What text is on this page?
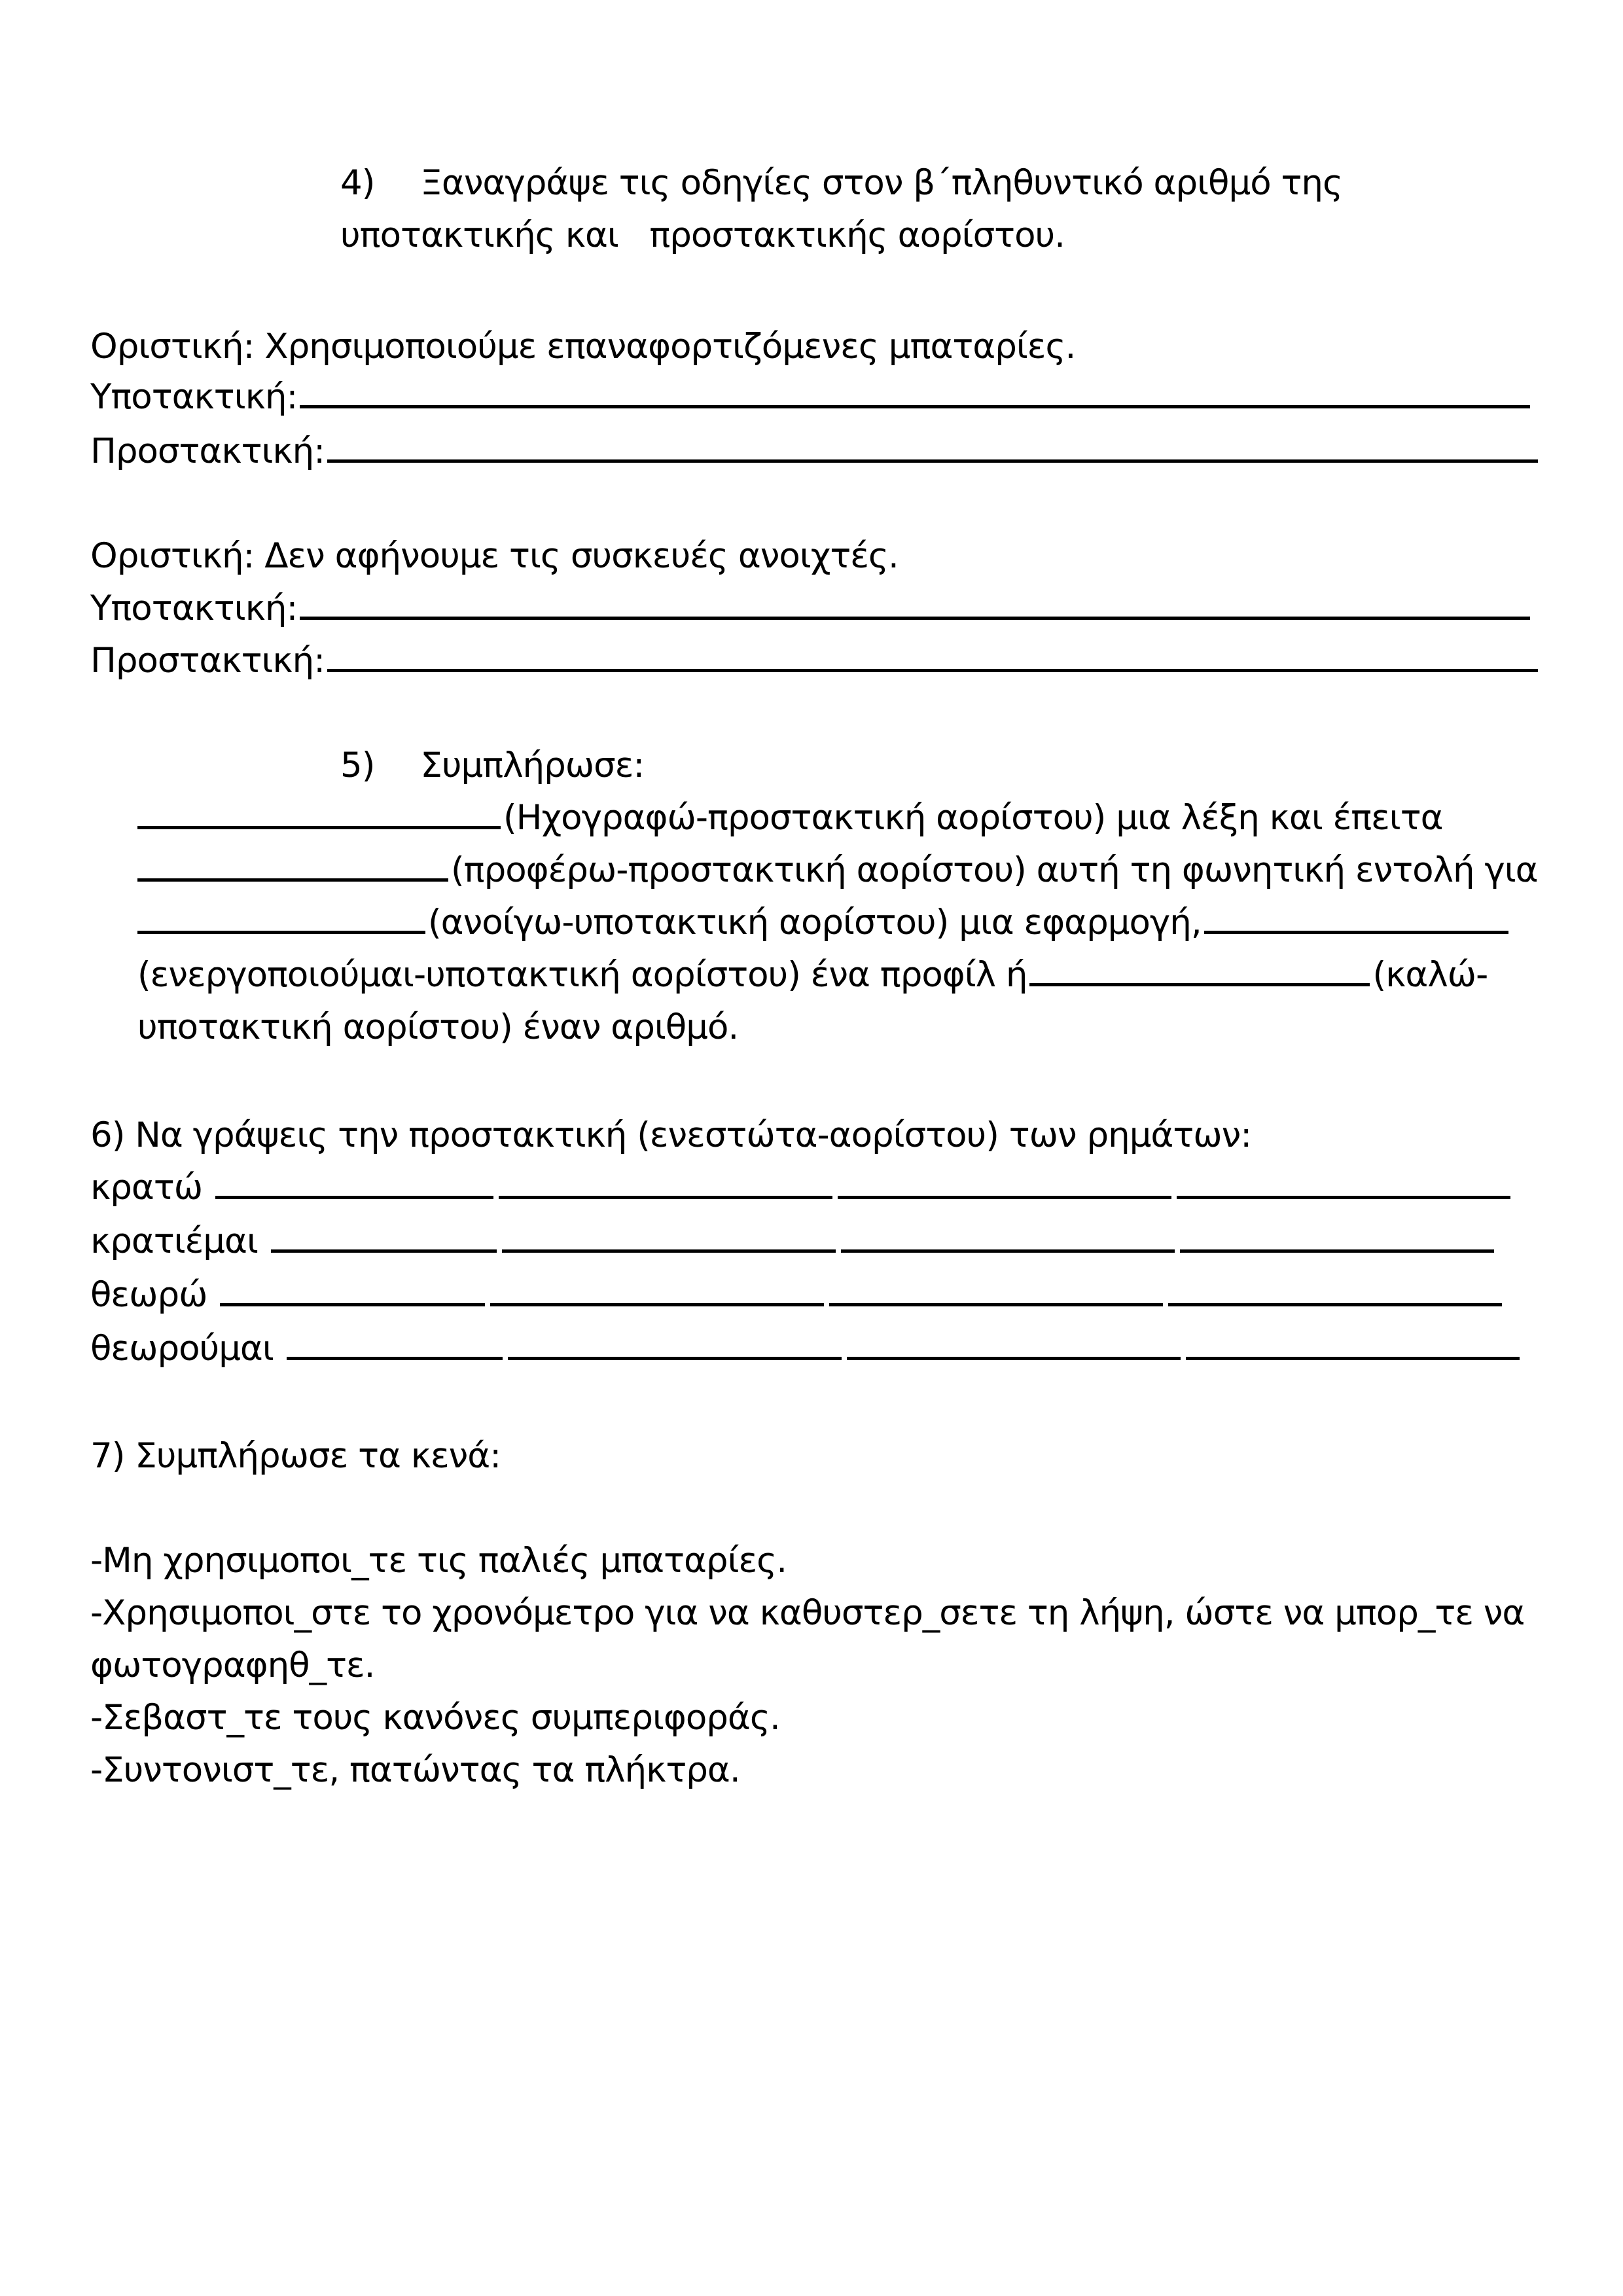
4) Ξαναγράψε τις οδηγίες στον β΄πληθυντικό αριθμό της
υποτακτικής και   προστακτικής αορίστου.
Οριστική: Χρησιμοποιούμε επαναφορτιζόμενες μπαταρίες.
Υποτακτική:
Προστακτική:
Οριστική: Δεν αφήνουμε τις συσκευές ανοιχτές.
Υποτακτική:
Προστακτική:
5) Συμπλήρωσε:
(Ηχογραφώ-προστακτική αορίστου) μια λέξη και έπειτα
(προφέρω-προστακτική αορίστου) αυτή τη φωνητική εντολή για
(ανοίγω-υποτακτική αορίστου) μια εφαρμογή,
(ενεργοποιούμαι-υποτακτική αορίστου) ένα προφίλ ή	(καλώ-
υποτακτική αορίστου) έναν αριθμό.
6) Να γράψεις την προστακτική (ενεστώτα-αορίστου) των ρημάτων:
κρατώ
κρατιέμαι
θεωρώ
θεωρούμαι
7) Συμπλήρωσε τα κενά:
-Μη χρησιμοποι_τε τις παλιές μπαταρίες.
-Χρησιμοποι_στε το χρονόμετρο για να καθυστερ_σετε τη λήψη, ώστε να μπορ_τε να
φωτογραφηθ_τε.
-Σεβαστ_τε τους κανόνες συμπεριφοράς.
-Συντονιστ_τε, πατώντας τα πλήκτρα.
